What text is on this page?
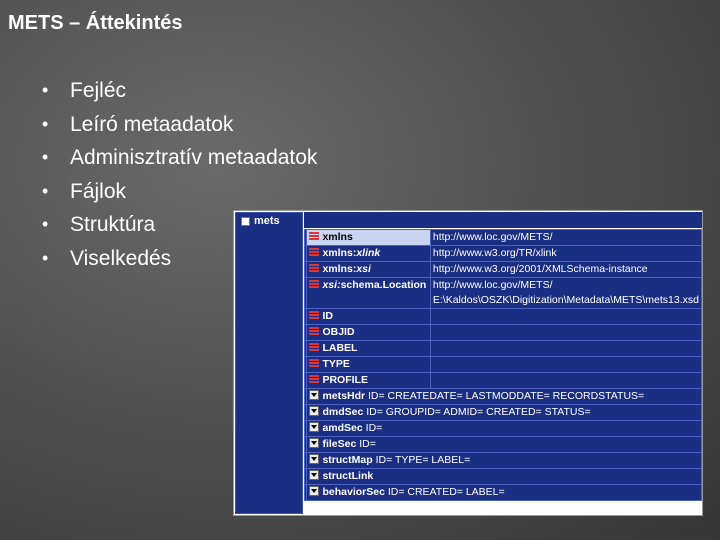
METS – Áttekintés
• Fejléc
• Leíró metaadatok
• Adminisztratív metaadatok
• Fájlok
• Struktúra
• Viselkedés
mets
	xmlns	http://www.loc.gov/METS/
	xmlns:xlink	http://www.w3.org/TR/xlink
	xmlns:xsi	http://www.w3.org/2001/XMLSchema-instance
	xsi:schema.Location	http://www.loc.gov/METS/
E:\Kaldos\OSZK\Digitization\Metadata\METS\mets13.xsd

	ID	
	OBJID	
	LABEL	
	TYPE	
	PROFILE	
	metsHdr ID= CREATEDATE= LASTMODDATE= RECORDSTATUS=	
	dmdSec ID= GROUPID= ADMID= CREATED= STATUS=	
	amdSec ID=	
	fileSec ID=	
	structMap ID= TYPE= LABEL=	
	structLink	
	behaviorSec ID= CREATED= LABEL=	
